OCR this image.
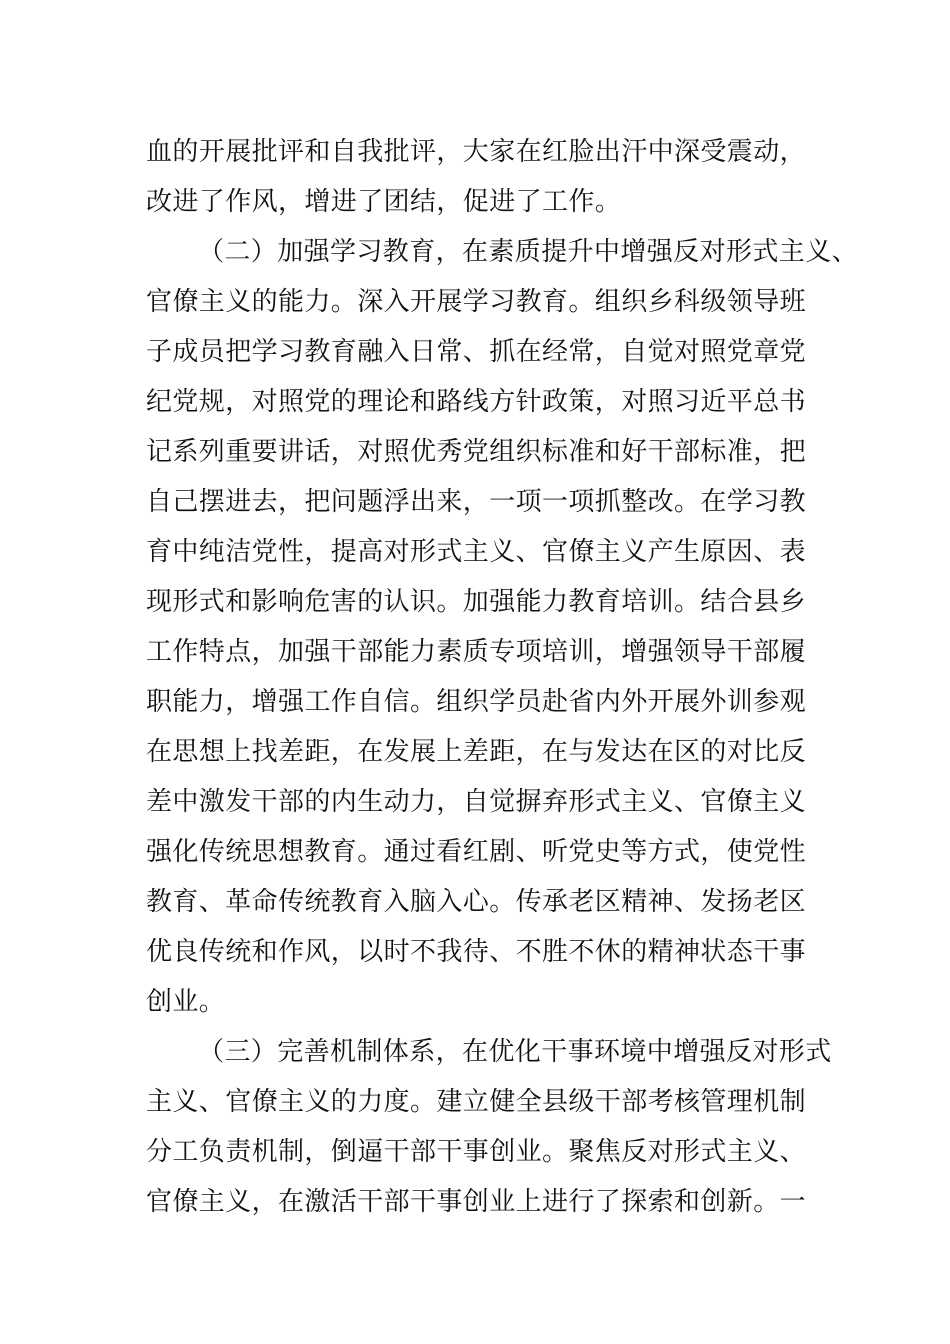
血的开展批评和自我批评，大家在红脸出汗中深受震动，
改进了作风，增进了团结，促进了工作。
（二）加强学习教育，在素质提升中增强反对形式主义、
官僚主义的能力。深入开展学习教育。组织乡科级领导班
子成员把学习教育融入日常、抓在经常，自觉对照党章党
纪党规，对照党的理论和路线方针政策，对照习近平总书
记系列重要讲话，对照优秀党组织标准和好干部标准，把
自己摆进去，把问题浮出来，一项一项抓整改。在学习教
育中纯洁党性，提高对形式主义、官僚主义产生原因、表
现形式和影响危害的认识。加强能力教育培训。结合县乡
工作特点，加强干部能力素质专项培训，增强领导干部履
职能力，增强工作自信。组织学员赴省内外开展外训参观
在思想上找差距，在发展上差距，在与发达在区的对比反
差中激发干部的内生动力，自觉摒弃形式主义、官僚主义
强化传统思想教育。通过看红剧、听党史等方式，使党性
教育、革命传统教育入脑入心。传承老区精神、发扬老区
优良传统和作风，以时不我待、不胜不休的精神状态干事
创业。
（三）完善机制体系，在优化干事环境中增强反对形式
主义、官僚主义的力度。建立健全县级干部考核管理机制
分工负责机制，倒逼干部干事创业。聚焦反对形式主义、
官僚主义，在激活干部干事创业上进行了探索和创新。一
